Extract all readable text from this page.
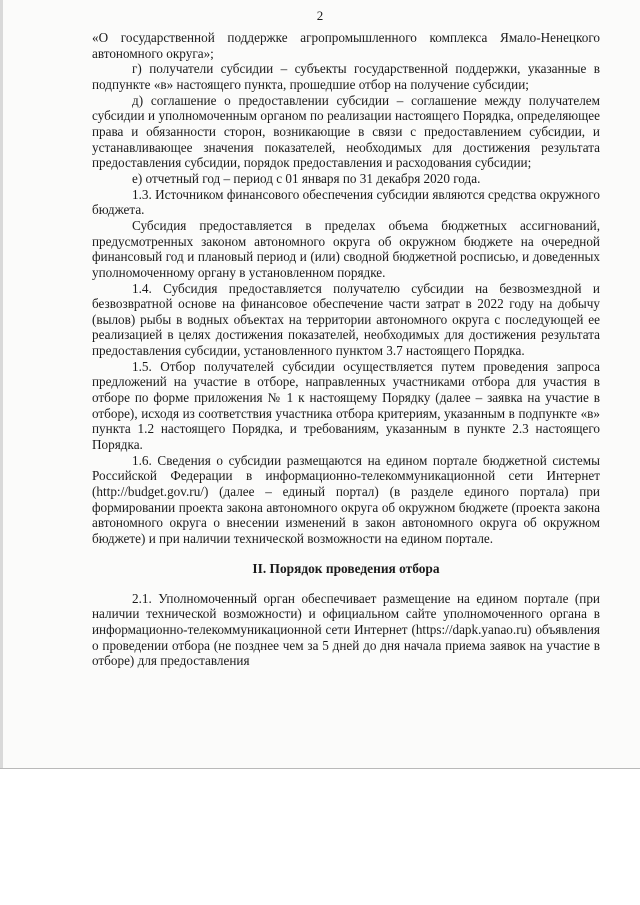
2

«О государственной поддержке агропромышленного комплекса Ямало-Ненецкого автономного округа»;

г) получатели субсидии – субъекты государственной поддержки, указанные в подпункте «в» настоящего пункта, прошедшие отбор на получение субсидии;

д) соглашение о предоставлении субсидии – соглашение между получателем субсидии и уполномоченным органом по реализации настоящего Порядка, определяющее права и обязанности сторон, возникающие в связи с предоставлением субсидии, и устанавливающее значения показателей, необходимых для достижения результата предоставления субсидии, порядок предоставления и расходования субсидии;

е) отчетный год – период с 01 января по 31 декабря 2020 года.

1.3. Источником финансового обеспечения субсидии являются средства окружного бюджета.

Субсидия предоставляется в пределах объема бюджетных ассигнований, предусмотренных законом автономного округа об окружном бюджете на очередной финансовый год и плановый период и (или) сводной бюджетной росписью, и доведенных уполномоченному органу в установленном порядке.

1.4. Субсидия предоставляется получателю субсидии на безвозмездной и безвозвратной основе на финансовое обеспечение части затрат в 2022 году на добычу (вылов) рыбы в водных объектах на территории автономного округа с последующей ее реализацией в целях достижения показателей, необходимых для достижения результата предоставления субсидии, установленного пунктом 3.7 настоящего Порядка.

1.5. Отбор получателей субсидии осуществляется путем проведения запроса предложений на участие в отборе, направленных участниками отбора для участия в отборе по форме приложения № 1 к настоящему Порядку (далее – заявка на участие в отборе), исходя из соответствия участника отбора критериям, указанным в подпункте «в» пункта 1.2 настоящего Порядка, и требованиям, указанным в пункте 2.3 настоящего Порядка.

1.6. Сведения о субсидии размещаются на едином портале бюджетной системы Российской Федерации в информационно-телекоммуникационной сети Интернет (http://budget.gov.ru/) (далее – единый портал) (в разделе единого портала) при формировании проекта закона автономного округа об окружном бюджете (проекта закона автономного округа о внесении изменений в закон автономного округа об окружном бюджете) и при наличии технической возможности на едином портале.

II. Порядок проведения отбора

2.1. Уполномоченный орган обеспечивает размещение на едином портале (при наличии технической возможности) и официальном сайте уполномоченного органа в информационно-телекоммуникационной сети Интернет (https://dapk.yanao.ru) объявления о проведении отбора (не позднее чем за 5 дней до дня начала приема заявок на участие в отборе) для предоставления
